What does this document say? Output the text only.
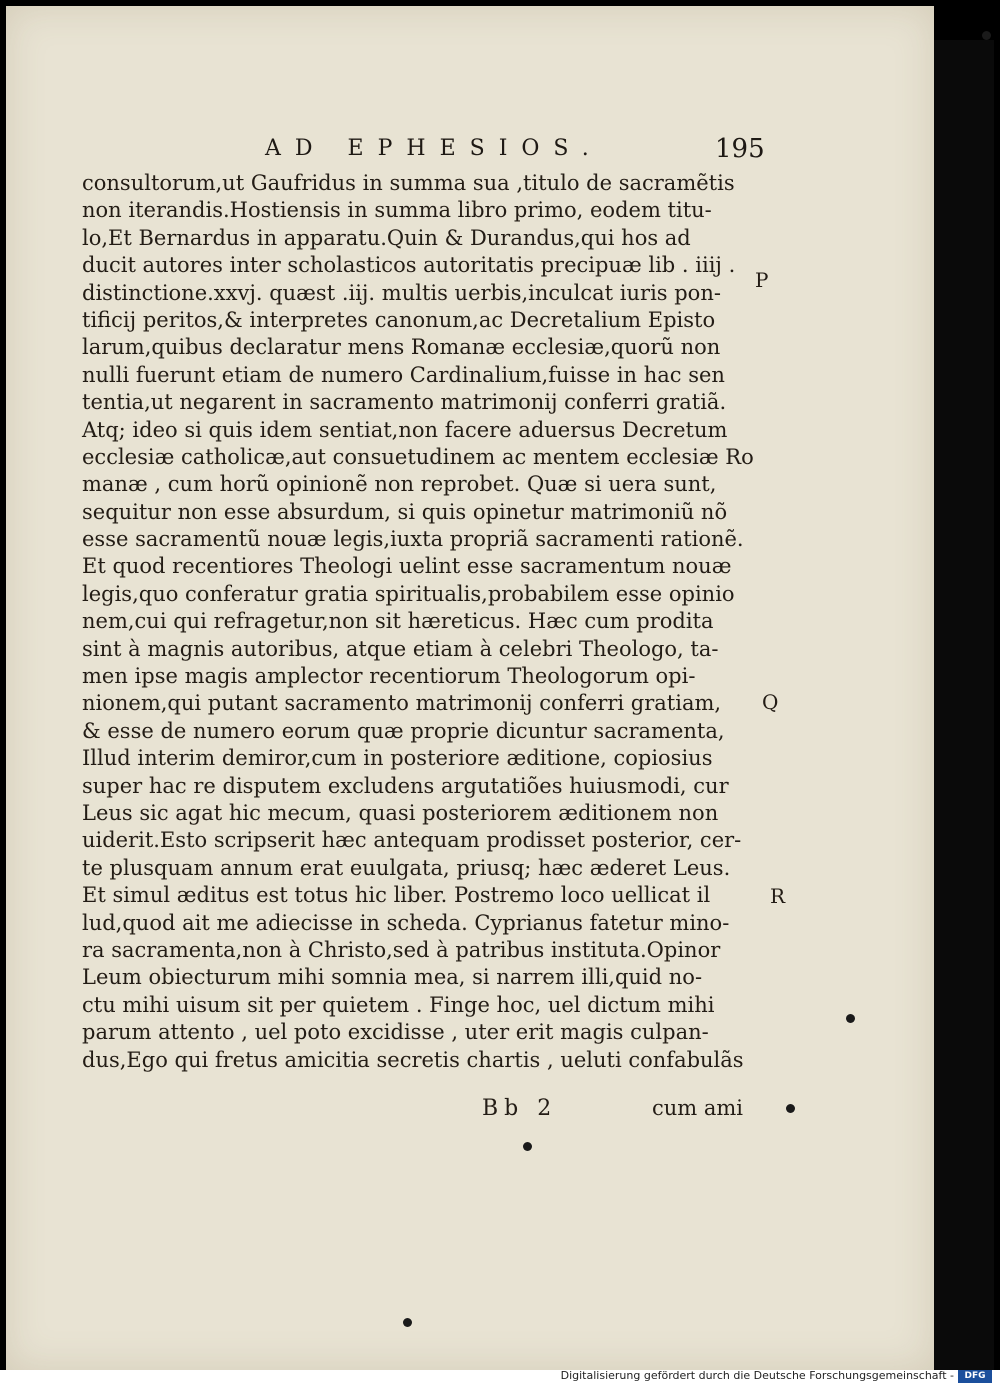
AD EPHESIOS.	195
consultorum,ut Gaufridus in summa sua ,titulo de sacramẽtis
non iterandis.Hostiensis in summa libro primo, eodem titu-
lo,Et Bernardus in apparatu.Quin & Durandus,qui hos ad
ducit autores inter scholasticos autoritatis precipuæ lib . iiij .
distinctione.xxvj. quæst .iij. multis uerbis,inculcat iuris pon-
tificij peritos,& interpretes canonum,ac Decretalium Episto
larum,quibus declaratur mens Romanæ ecclesiæ,quorũ non
nulli fuerunt etiam de numero Cardinalium,fuisse in hac sen
tentia,ut negarent in sacramento matrimonij conferri gratiã.
Atq; ideo si quis idem sentiat,non facere aduersus Decretum
ecclesiæ catholicæ,aut consuetudinem ac mentem ecclesiæ Ro
manæ , cum horũ opinionẽ non reprobet. Quæ si uera sunt,
sequitur non esse absurdum, si quis opinetur matrimoniũ nõ
esse sacramentũ nouæ legis,iuxta propriã sacramenti rationẽ.
Et quod recentiores Theologi uelint esse sacramentum nouæ
legis,quo conferatur gratia spiritualis,probabilem esse opinio
nem,cui qui refragetur,non sit hæreticus. Hæc cum prodita
sint à magnis autoribus, atque etiam à celebri Theologo, ta-
men ipse magis amplector recentiorum Theologorum opi-
nionem,qui putant sacramento matrimonij conferri gratiam,
& esse de numero eorum quæ proprie dicuntur sacramenta,
Illud interim demiror,cum in posteriore æditione, copiosius
super hac re disputem excludens argutatiões huiusmodi, cur
Leus sic agat hic mecum, quasi posteriorem æditionem non
uiderit.Esto scripserit hæc antequam prodisset posterior, cer-
te plusquam annum erat euulgata, priusq; hæc æderet Leus.
Et simul æditus est totus hic liber. Postremo loco uellicat il
lud,quod ait me adiecisse in scheda. Cyprianus fatetur mino-
ra sacramenta,non à Christo,sed à patribus instituta.Opinor
Leum obiecturum mihi somnia mea, si narrem illi,quid no-
ctu mihi uisum sit per quietem . Finge hoc, uel dictum mihi
parum attento , uel poto excidisse , uter erit magis culpan-
dus,Ego qui fretus amicitia secretis chartis , ueluti confabulãs
P
Q
R
Bb 2	cum ami
Digitalisierung gefördert durch die Deutsche Forschungsgemeinschaft -	DFG
